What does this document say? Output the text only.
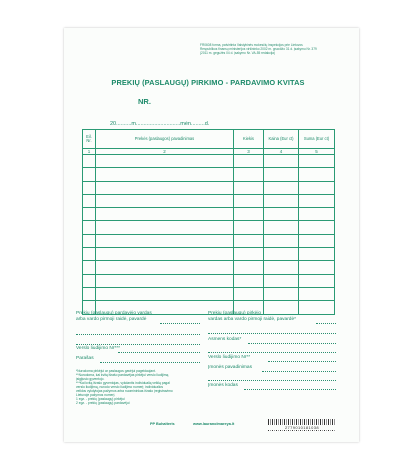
FR0608 forma, patvirtinta Valstybinės mokesčių inspekcijos prie Lietuvos
Respublikos finansų ministerijos viršininko 2002 m. gruodžio 31 d. įsakymu Nr. 379
(2011 m. gegužės 04 d. įsakymo Nr. VA-55 redakcija)
PREKIŲ (PASLAUGŲ) PIRKIMO - PARDAVIMO KVITAS
NR.
20..........m.............................mėn.........d.
Eil. Nr.	Prekės (paslaugos) pavadinimas	Kiekis	Kaina (Eur ct)	Suma (Eur ct)
1	2	3	4	5

Prekių (paslaugų) pardavėjo vardas
arba vardo pirmoji raidė, pavardė
Verslo liudijimo Nr***
Parašas
Prekių (paslaugų) pirkėjo
vardas arba vardo pirmoji raidė, pavardė*
Asmens kodas*
Verslo liudijimo Nr**
Įmonės pavadinimas
Įmonės kodas
*Nurodoma pirkėjui ar paslaugos gavėjui pageidaujant.
**Nurodoma, kai kvitą išrašo pardavėjas pirkėjui verslo liudijimą
įsigijusio gyventojo.
***Kai kvitą išrašo gyventojas, vykdantis individualią veiklą pagal
verslo liudijimą, nurodo verslo liudijimo numerį; individualios
veiklos vykdytojas pažymos arba nuomininkas išrašo įregistravimo
Lietuvoje pažymos numerį.
1 egz. - prekių (paslaugų) pirkėjui
2 egz. - prekių (paslaugų) pardavėjui
PP Buhalteris	www.lauranolmareya.lt
2779010181038
